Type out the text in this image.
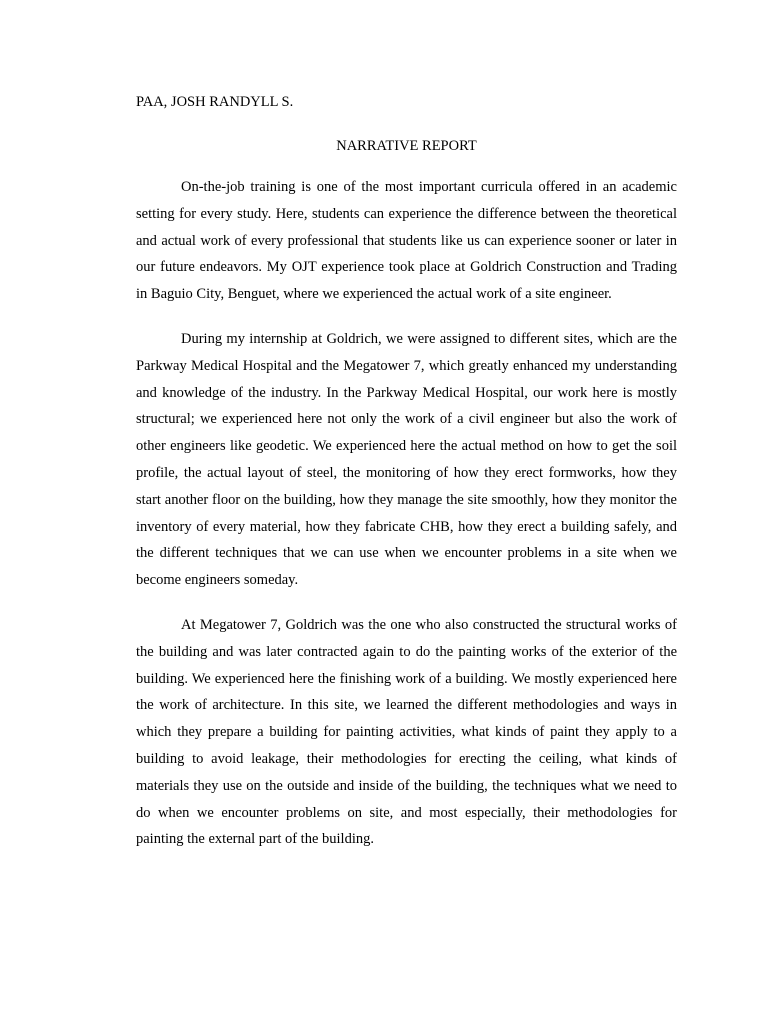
PAA, JOSH RANDYLL S.

NARRATIVE REPORT

On-the-job training is one of the most important curricula offered in an academic setting for every study. Here, students can experience the difference between the theoretical and actual work of every professional that students like us can experience sooner or later in our future endeavors. My OJT experience took place at Goldrich Construction and Trading in Baguio City, Benguet, where we experienced the actual work of a site engineer.

During my internship at Goldrich, we were assigned to different sites, which are the Parkway Medical Hospital and the Megatower 7, which greatly enhanced my understanding and knowledge of the industry. In the Parkway Medical Hospital, our work here is mostly structural; we experienced here not only the work of a civil engineer but also the work of other engineers like geodetic. We experienced here the actual method on how to get the soil profile, the actual layout of steel, the monitoring of how they erect formworks, how they start another floor on the building, how they manage the site smoothly, how they monitor the inventory of every material, how they fabricate CHB, how they erect a building safely, and the different techniques that we can use when we encounter problems in a site when we become engineers someday.

At Megatower 7, Goldrich was the one who also constructed the structural works of the building and was later contracted again to do the painting works of the exterior of the building. We experienced here the finishing work of a building. We mostly experienced here the work of architecture. In this site, we learned the different methodologies and ways in which they prepare a building for painting activities, what kinds of paint they apply to a building to avoid leakage, their methodologies for erecting the ceiling, what kinds of materials they use on the outside and inside of the building, the techniques what we need to do when we encounter problems on site, and most especially, their methodologies for painting the external part of the building.
